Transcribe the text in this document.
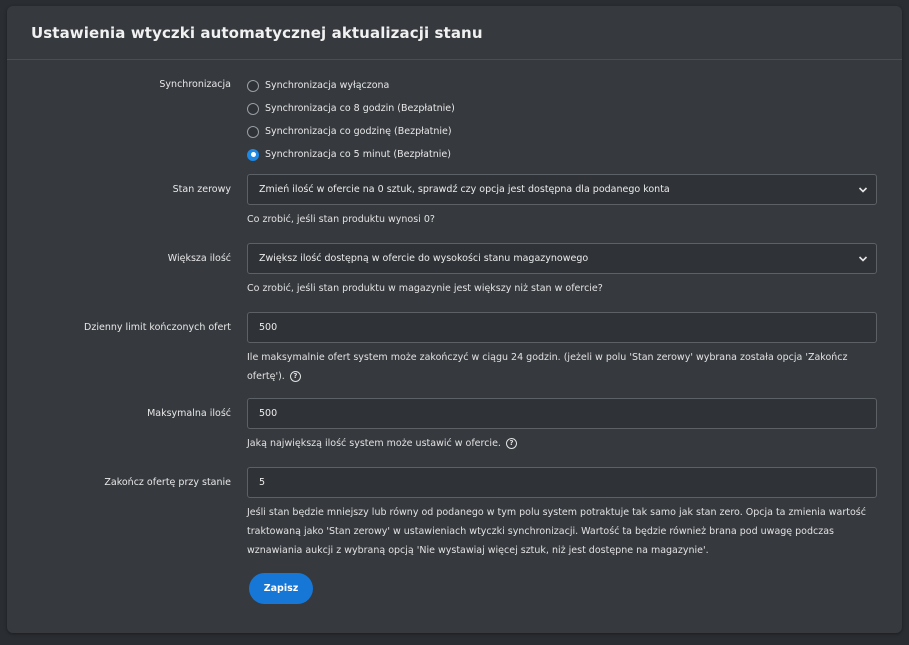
Ustawienia wtyczki automatycznej aktualizacji stanu
Synchronizacja	Synchronizacja wyłączona
Synchronizacja co 8 godzin (Bezpłatnie)
Synchronizacja co godzinę (Bezpłatnie)
Synchronizacja co 5 minut (Bezpłatnie)
Stan zerowy	Zmień ilość w ofercie na 0 sztuk, sprawdź czy opcja jest dostępna dla podanego konta
Co zrobić, jeśli stan produktu wynosi 0?
Większa ilość	Zwiększ ilość dostępną w ofercie do wysokości stanu magazynowego
Co zrobić, jeśli stan produktu w magazynie jest większy niż stan w ofercie?
Dzienny limit kończonych ofert	500
Ile maksymalnie ofert system może zakończyć w ciągu 24 godzin. (jeżeli w polu 'Stan zerowy' wybrana została opcja 'Zakończ
ofertę'). ?
Maksymalna ilość	500
Jaką największą ilość system może ustawić w ofercie. ?
Zakończ ofertę przy stanie	5
Jeśli stan będzie mniejszy lub równy od podanego w tym polu system potraktuje tak samo jak stan zero. Opcja ta zmienia wartość
traktowaną jako 'Stan zerowy' w ustawieniach wtyczki synchronizacji. Wartość ta będzie również brana pod uwagę podczas
wznawiania aukcji z wybraną opcją 'Nie wystawiaj więcej sztuk, niż jest dostępne na magazynie'.
Zapisz
